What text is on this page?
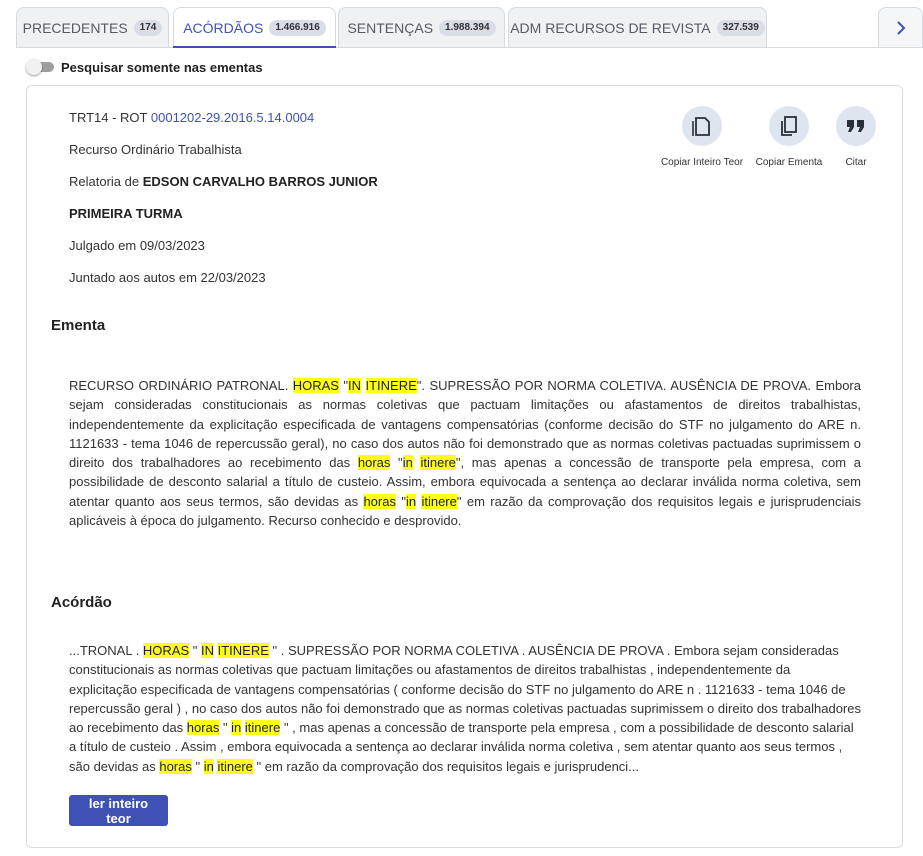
PRECEDENTES	174	ACÓRDÃOS	1.466.916	SENTENÇAS	1.988.394	ADM RECURSOS DE REVISTA	327.539
Pesquisar somente nas ementas
TRT14 - ROT 0001202-29.2016.5.14.0004
Recurso Ordinário Trabalhista
Relatoria de EDSON CARVALHO BARROS JUNIOR
PRIMEIRA TURMA
Julgado em 09/03/2023
Juntado aos autos em 22/03/2023
Copiar Inteiro Teor	Copiar Ementa	Citar
Ementa
RECURSO ORDINÁRIO PATRONAL. HORAS "IN ITINERE". SUPRESSÃO POR NORMA COLETIVA. AUSÊNCIA DE PROVA. Embora sejam consideradas constitucionais as normas coletivas que pactuam limitações ou afastamentos de direitos trabalhistas, independentemente da explicitação especificada de vantagens compensatórias (conforme decisão do STF no julgamento do ARE n. 1121633 - tema 1046 de repercussão geral), no caso dos autos não foi demonstrado que as normas coletivas pactuadas suprimissem o direito dos trabalhadores ao recebimento das horas "in itinere", mas apenas a concessão de transporte pela empresa, com a possibilidade de desconto salarial a título de custeio. Assim, embora equivocada a sentença ao declarar inválida norma coletiva, sem atentar quanto aos seus termos, são devidas as horas "in itinere" em razão da comprovação dos requisitos legais e jurisprudenciais aplicáveis à época do julgamento. Recurso conhecido e desprovido.
Acórdão
...TRONAL . HORAS " IN ITINERE " . SUPRESSÃO POR NORMA COLETIVA . AUSÊNCIA DE PROVA . Embora sejam consideradas constitucionais as normas coletivas que pactuam limitações ou afastamentos de direitos trabalhistas , independentemente da explicitação especificada de vantagens compensatórias ( conforme decisão do STF no julgamento do ARE n . 1121633 - tema 1046 de repercussão geral ) , no caso dos autos não foi demonstrado que as normas coletivas pactuadas suprimissem o direito dos trabalhadores ao recebimento das horas " in itinere " , mas apenas a concessão de transporte pela empresa , com a possibilidade de desconto salarial a título de custeio . Assim , embora equivocada a sentença ao declarar inválida norma coletiva , sem atentar quanto aos seus termos , são devidas as horas " in itinere " em razão da comprovação dos requisitos legais e jurisprudenci...
ler inteiro teor
